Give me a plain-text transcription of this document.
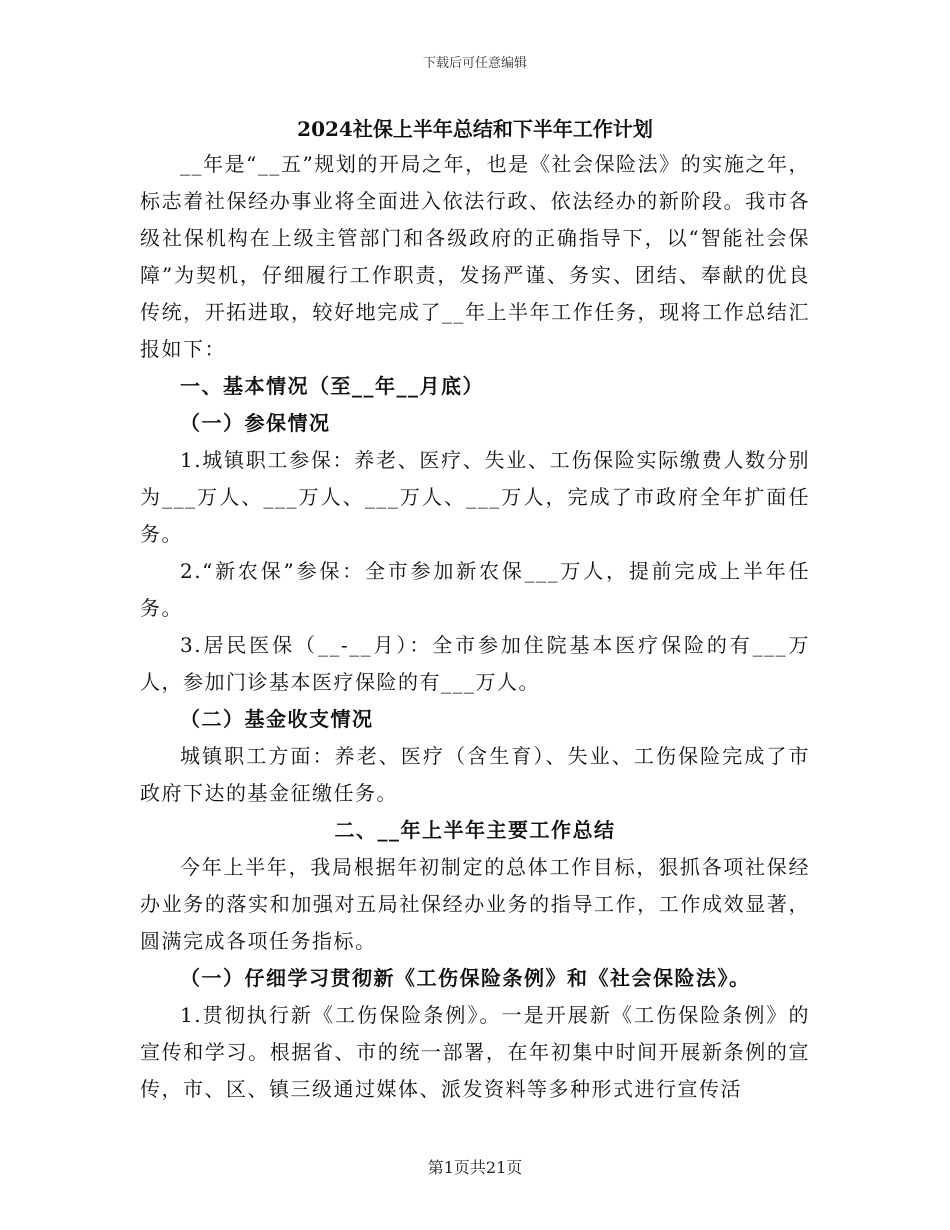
下载后可任意编辑
2024社保上半年总结和下半年工作计划

__年是“__五”规划的开局之年，也是《社会保险法》的实施之年，标志着社保经办事业将全面进入依法行政、依法经办的新阶段。我市各级社保机构在上级主管部门和各级政府的正确指导下，以“智能社会保障”为契机，仔细履行工作职责，发扬严谨、务实、团结、奉献的优良传统，开拓进取，较好地完成了__年上半年工作任务，现将工作总结汇报如下：

一、基本情况（至__年__月底）

（一）参保情况

1.城镇职工参保：养老、医疗、失业、工伤保险实际缴费人数分别为___万人、___万人、___万人、___万人，完成了市政府全年扩面任务。

2.“新农保”参保：全市参加新农保___万人，提前完成上半年任务。

3.居民医保（__-__月）：全市参加住院基本医疗保险的有___万人，参加门诊基本医疗保险的有___万人。

（二）基金收支情况

城镇职工方面：养老、医疗（含生育）、失业、工伤保险完成了市政府下达的基金征缴任务。

二、__年上半年主要工作总结

今年上半年，我局根据年初制定的总体工作目标，狠抓各项社保经办业务的落实和加强对五局社保经办业务的指导工作，工作成效显著，圆满完成各项任务指标。

（一）仔细学习贯彻新《工伤保险条例》和《社会保险法》。

1.贯彻执行新《工伤保险条例》。一是开展新《工伤保险条例》的宣传和学习。根据省、市的统一部署，在年初集中时间开展新条例的宣传，市、区、镇三级通过媒体、派发资料等多种形式进行宣传活

第1页共21页
